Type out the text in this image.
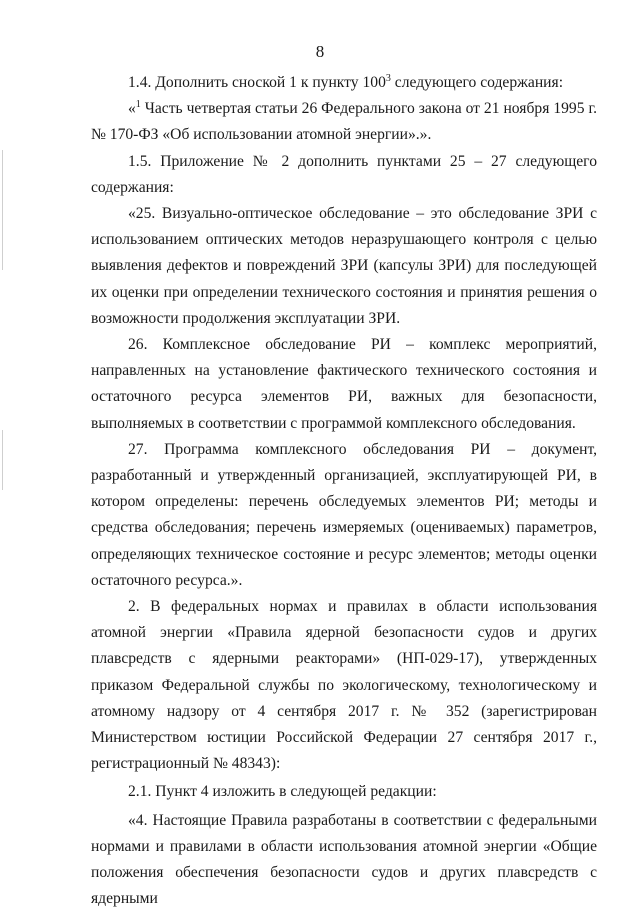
8

1.4. Дополнить сноской 1 к пункту $100^3$ следующего содержания:

«$^1$ Часть четвертая статьи 26 Федерального закона от 21 ноября 1995 г. № 170-ФЗ «Об использовании атомной энергии».».

1.5. Приложение № 2 дополнить пунктами 25 – 27 следующего содержания:

«25. Визуально-оптическое обследование – это обследование ЗРИ с использованием оптических методов неразрушающего контроля с целью выявления дефектов и повреждений ЗРИ (капсулы ЗРИ) для последующей их оценки при определении технического состояния и принятия решения о возможности продолжения эксплуатации ЗРИ.

26. Комплексное обследование РИ – комплекс мероприятий, направленных на установление фактического технического состояния и остаточного ресурса элементов РИ, важных для безопасности, выполняемых в соответствии с программой комплексного обследования.

27. Программа комплексного обследования РИ – документ, разработанный и утвержденный организацией, эксплуатирующей РИ, в котором определены: перечень обследуемых элементов РИ; методы и средства обследования; перечень измеряемых (оцениваемых) параметров, определяющих техническое состояние и ресурс элементов; методы оценки остаточного ресурса.».

2. В федеральных нормах и правилах в области использования атомной энергии «Правила ядерной безопасности судов и других плавсредств с ядерными реакторами» (НП-029-17), утвержденных приказом Федеральной службы по экологическому, технологическому и атомному надзору от 4 сентября 2017 г. № 352 (зарегистрирован Министерством юстиции Российской Федерации 27 сентября 2017 г., регистрационный № 48343):

2.1. Пункт 4 изложить в следующей редакции:

«4. Настоящие Правила разработаны в соответствии с федеральными нормами и правилами в области использования атомной энергии «Общие положения обеспечения безопасности судов и других плавсредств с ядерными
